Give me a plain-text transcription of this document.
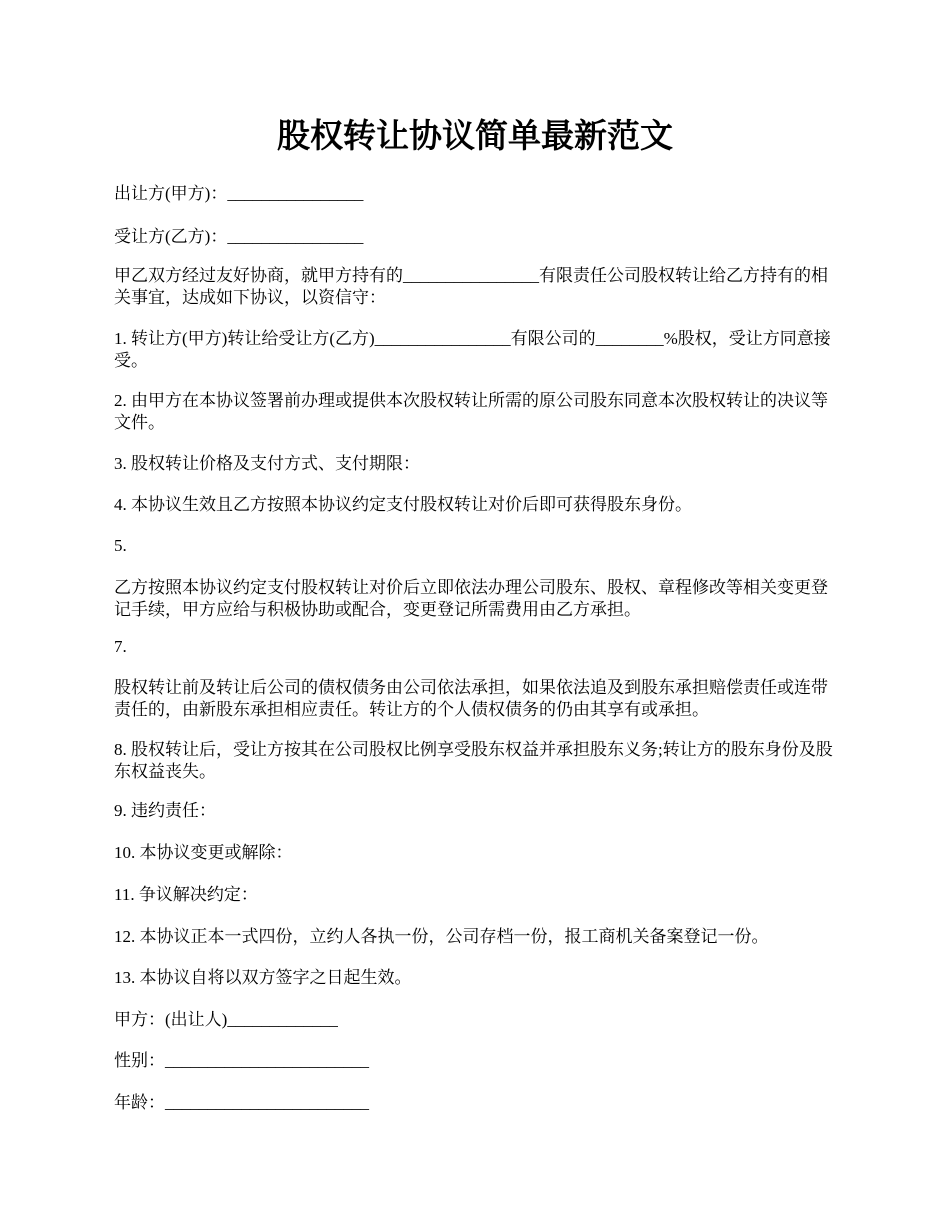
股权转让协议简单最新范文

出让方(甲方)：________________

受让方(乙方)：________________

甲乙双方经过友好协商，就甲方持有的________________有限责任公司股权转让给乙方持有的相关事宜，达成如下协议，以资信守：

1. 转让方(甲方)转让给受让方(乙方)________________有限公司的________%股权，受让方同意接受。

2. 由甲方在本协议签署前办理或提供本次股权转让所需的原公司股东同意本次股权转让的决议等文件。

3. 股权转让价格及支付方式、支付期限：

4. 本协议生效且乙方按照本协议约定支付股权转让对价后即可获得股东身份。

5.

乙方按照本协议约定支付股权转让对价后立即依法办理公司股东、股权、章程修改等相关变更登记手续，甲方应给与积极协助或配合，变更登记所需费用由乙方承担。

7.

股权转让前及转让后公司的债权债务由公司依法承担，如果依法追及到股东承担赔偿责任或连带责任的，由新股东承担相应责任。转让方的个人债权债务的仍由其享有或承担。

8. 股权转让后，受让方按其在公司股权比例享受股东权益并承担股东义务;转让方的股东身份及股东权益丧失。

9. 违约责任：

10. 本协议变更或解除：

11. 争议解决约定：

12. 本协议正本一式四份，立约人各执一份，公司存档一份，报工商机关备案登记一份。

13. 本协议自将以双方签字之日起生效。

甲方：(出让人)_____________

性别：________________________

年龄：________________________
